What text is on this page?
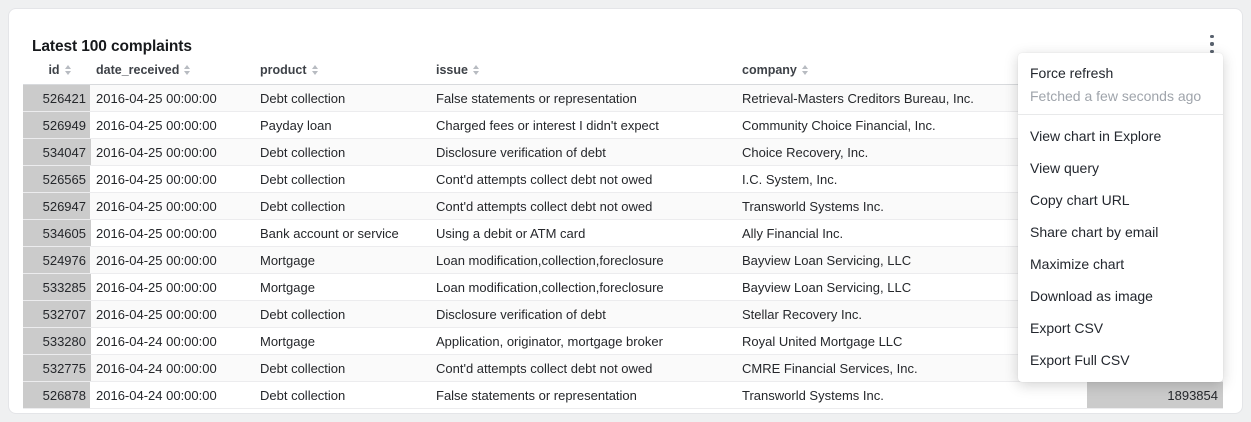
Latest 100 complaints
id	date_received	product	issue	company
526421 2016-04-25 00:00:00	Debt collection	False statements or representation	Retrieval-Masters Creditors Bureau, Inc.
526949 2016-04-25 00:00:00	Payday loan	Charged fees or interest I didn't expect	Community Choice Financial, Inc.
534047 2016-04-25 00:00:00	Debt collection	Disclosure verification of debt	Choice Recovery, Inc.
526565 2016-04-25 00:00:00	Debt collection	Cont'd attempts collect debt not owed	I.C. System, Inc.
526947 2016-04-25 00:00:00	Debt collection	Cont'd attempts collect debt not owed	Transworld Systems Inc.
534605 2016-04-25 00:00:00	Bank account or service	Using a debit or ATM card	Ally Financial Inc.
524976 2016-04-25 00:00:00	Mortgage	Loan modification,collection,foreclosure	Bayview Loan Servicing, LLC
533285 2016-04-25 00:00:00	Mortgage	Loan modification,collection,foreclosure	Bayview Loan Servicing, LLC
532707 2016-04-25 00:00:00	Debt collection	Disclosure verification of debt	Stellar Recovery Inc.
533280 2016-04-24 00:00:00	Mortgage	Application, originator, mortgage broker	Royal United Mortgage LLC
532775 2016-04-24 00:00:00	Debt collection	Cont'd attempts collect debt not owed	CMRE Financial Services, Inc.
526878 2016-04-24 00:00:00	Debt collection	False statements or representation	Transworld Systems Inc.	1893854
Force refresh
Fetched a few seconds ago
View chart in Explore
View query
Copy chart URL
Share chart by email
Maximize chart
Download as image
Export CSV
Export Full CSV
